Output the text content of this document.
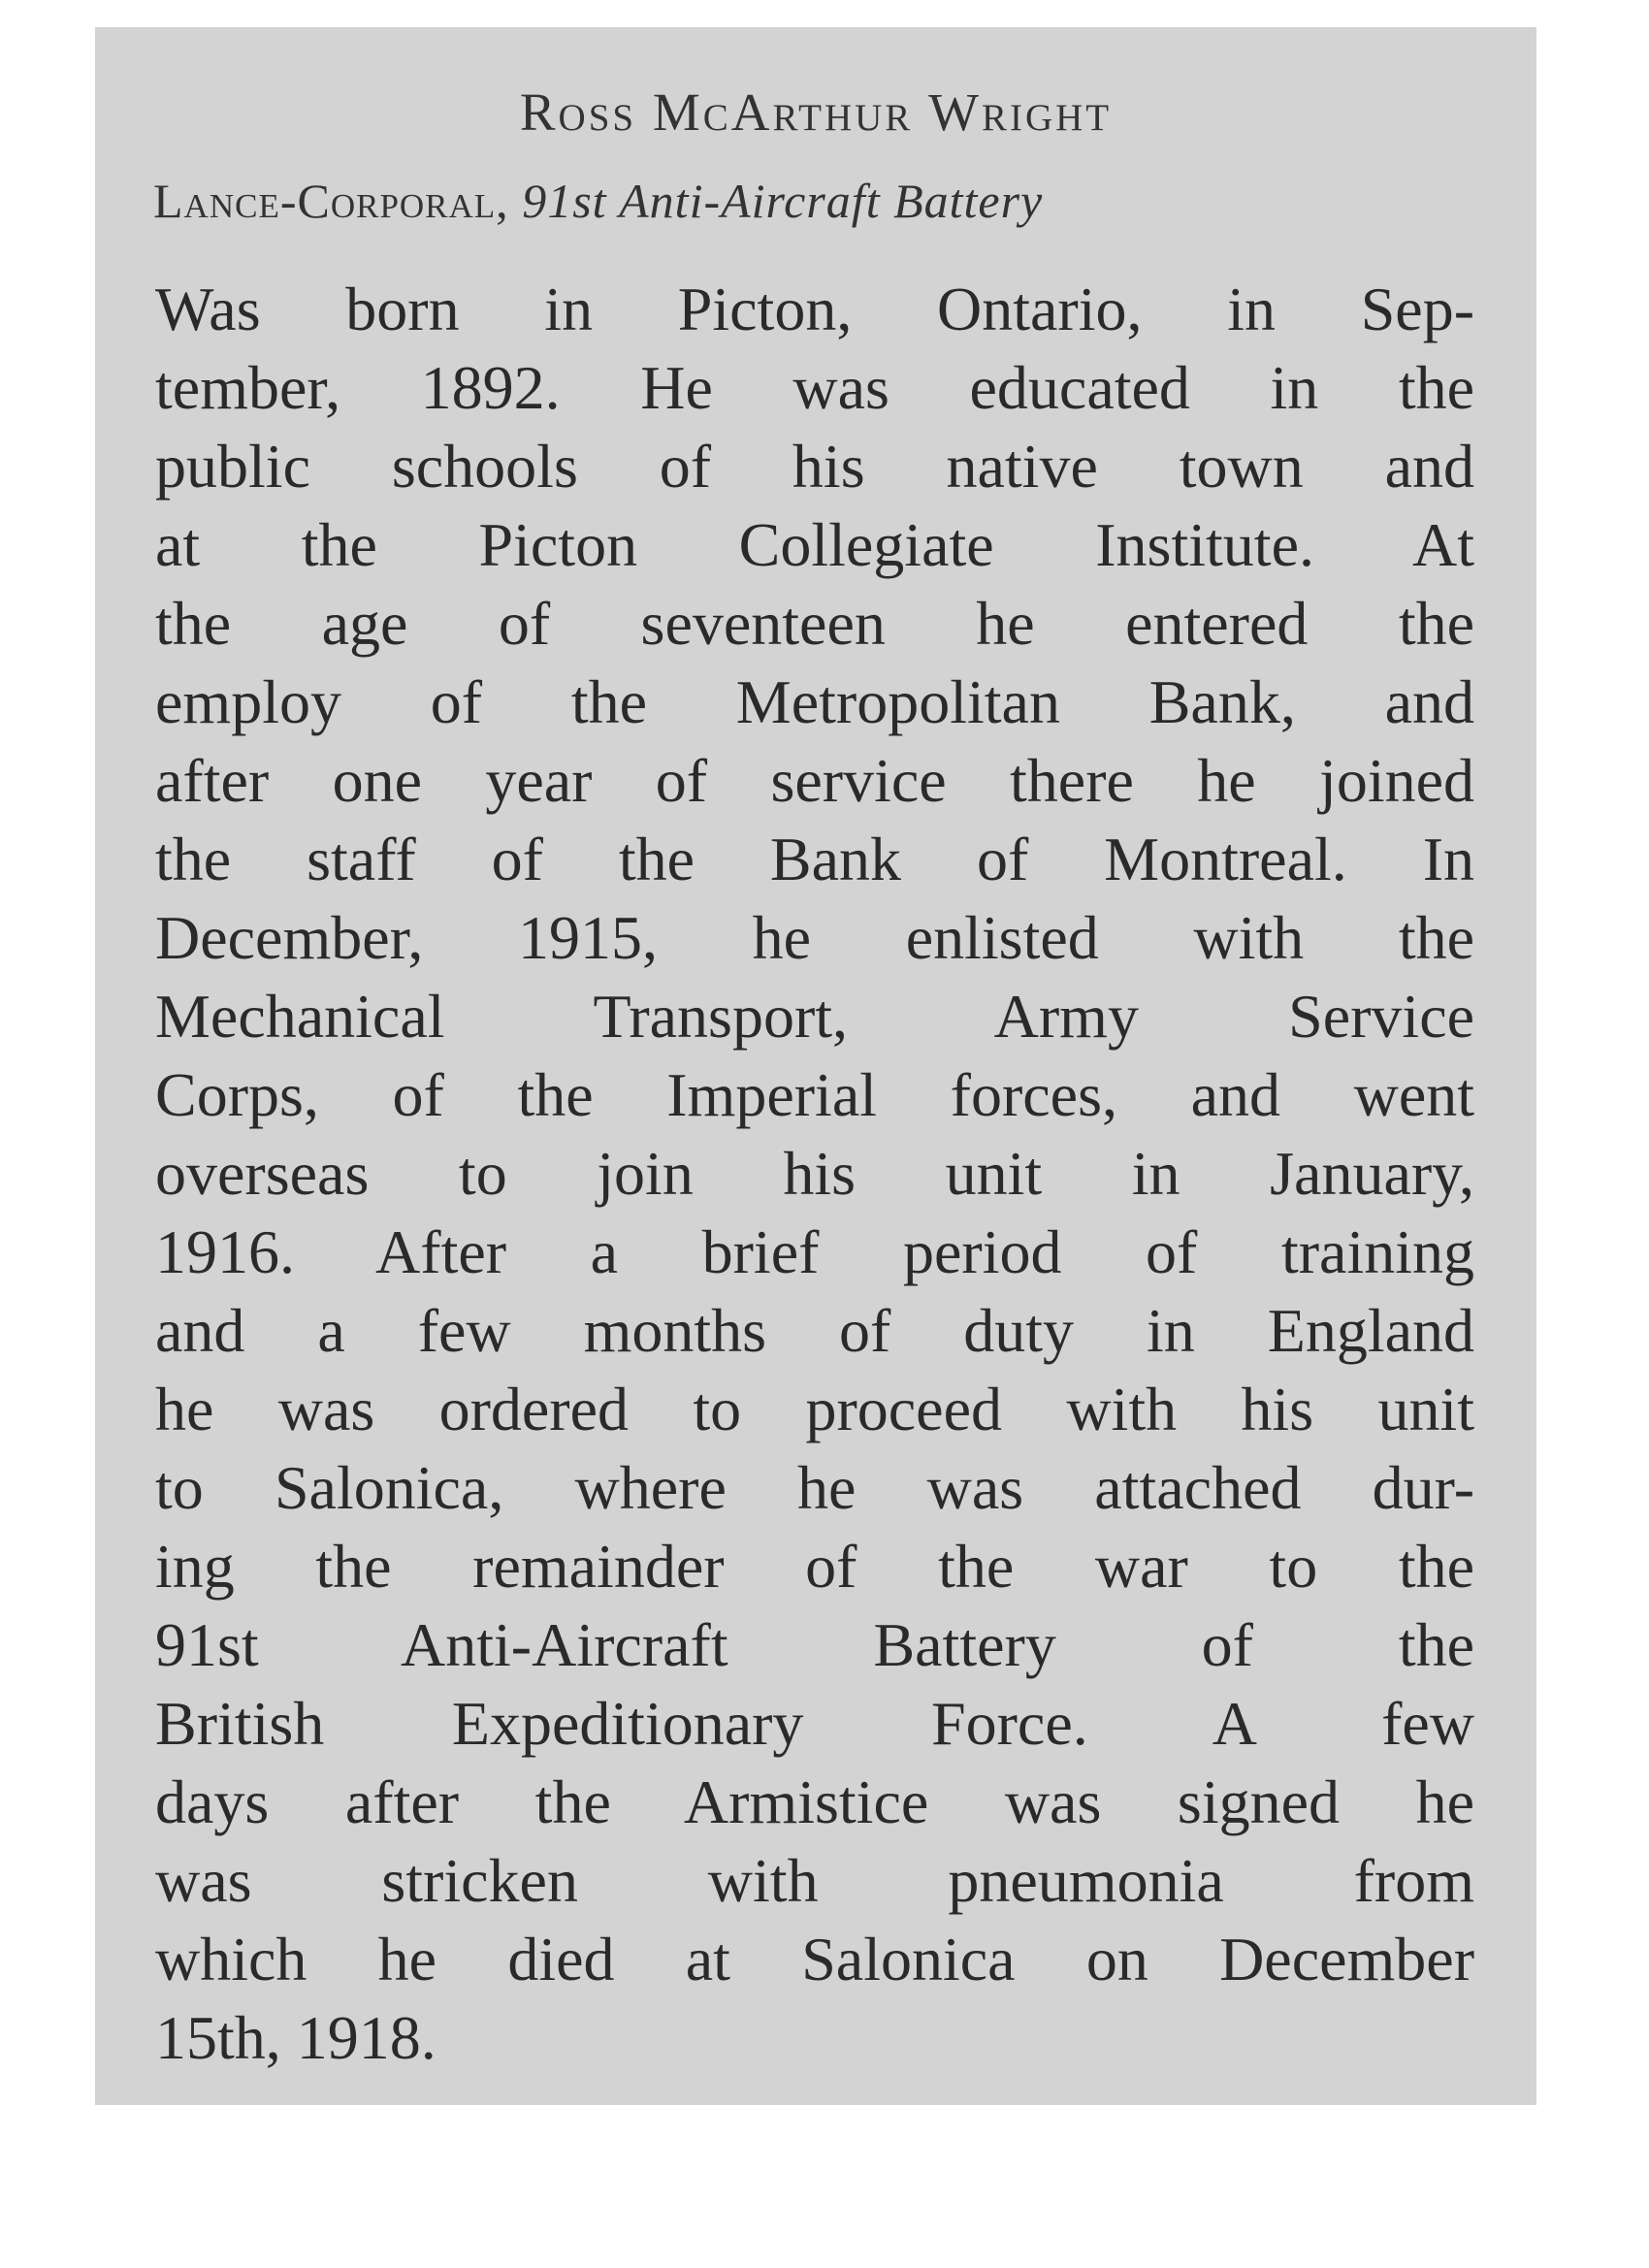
Ross McArthur Wright

Lance-Corporal, 91st Anti-Aircraft Battery

Was born in Picton, Ontario, in Sep-
tember, 1892. He was educated in the
public schools of his native town and
at the Picton Collegiate Institute. At
the age of seventeen he entered the
employ of the Metropolitan Bank, and
after one year of service there he joined
the staff of the Bank of Montreal. In
December, 1915, he enlisted with the
Mechanical Transport, Army Service
Corps, of the Imperial forces, and went
overseas to join his unit in January,
1916. After a brief period of training
and a few months of duty in England
he was ordered to proceed with his unit
to Salonica, where he was attached dur-
ing the remainder of the war to the
91st Anti-Aircraft Battery of the
British Expeditionary Force. A few
days after the Armistice was signed he
was stricken with pneumonia from
which he died at Salonica on December
15th, 1918.
